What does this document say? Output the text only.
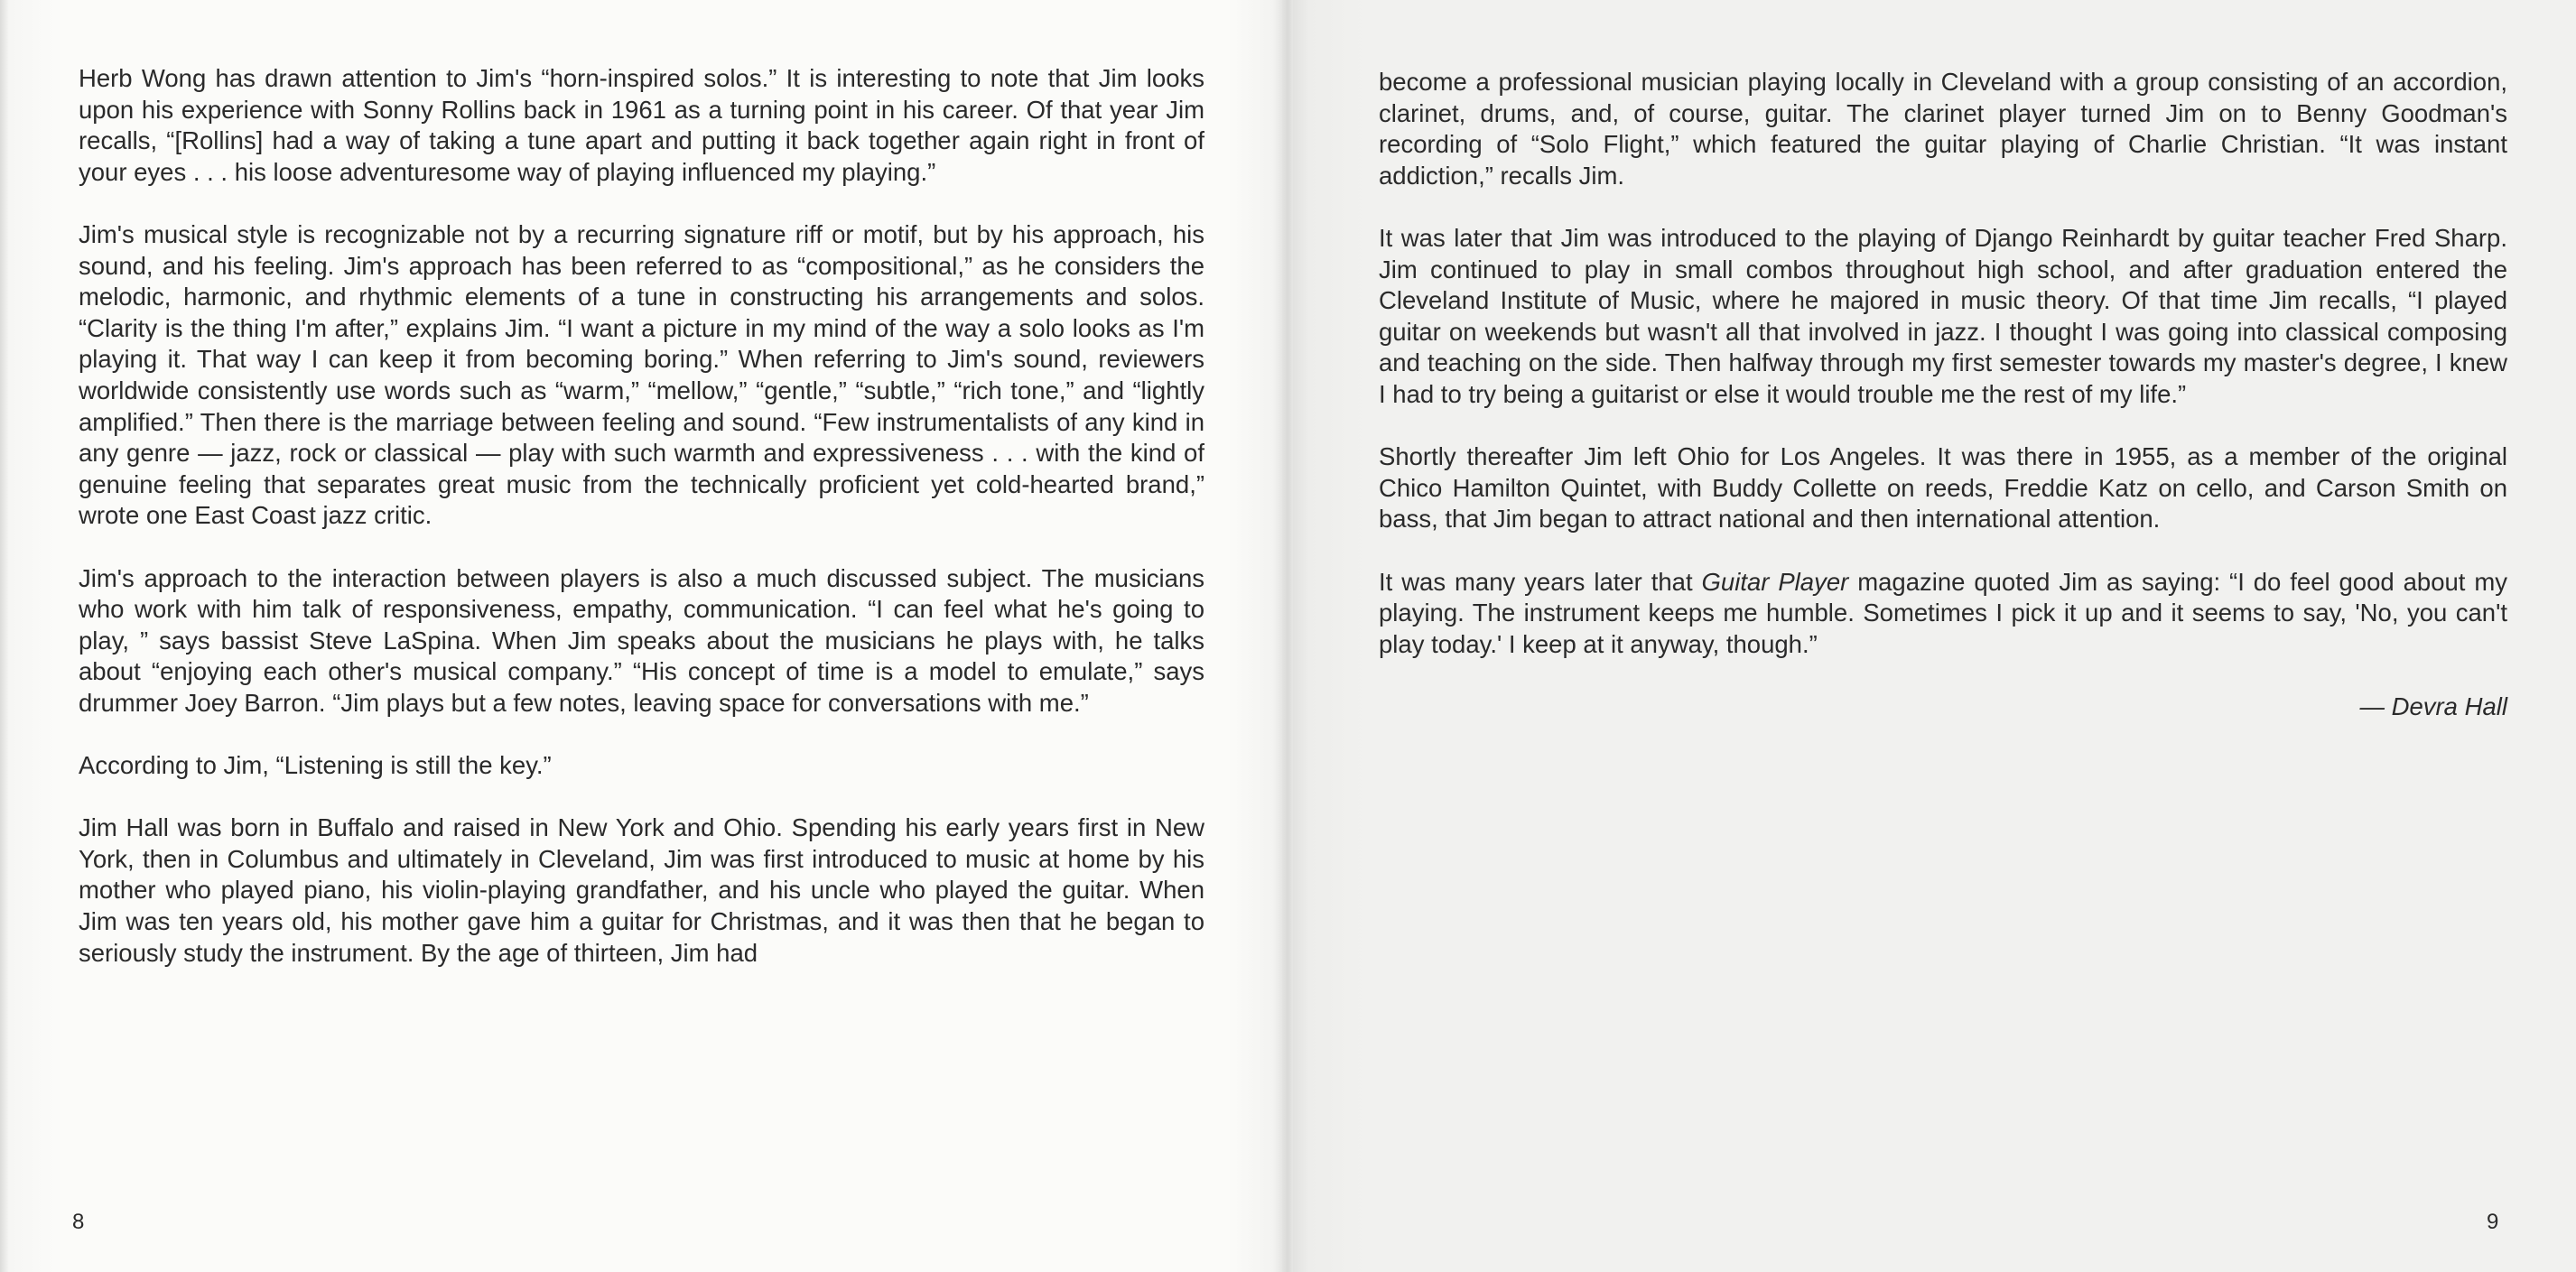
Herb Wong has drawn attention to Jim's “horn-inspired solos.” It is interesting to note that Jim looks upon his experience with Sonny Rollins back in 1961 as a turning point in his career. Of that year Jim recalls, “[Rollins] had a way of taking a tune apart and putting it back together again right in front of your eyes . . . his loose adventuresome way of playing influenced my playing.”

Jim's musical style is recognizable not by a recurring signature riff or motif, but by his approach, his sound, and his feeling. Jim's approach has been referred to as “compositional,” as he considers the melodic, harmonic, and rhythmic elements of a tune in constructing his arrangements and solos. “Clarity is the thing I'm after,” explains Jim. “I want a picture in my mind of the way a solo looks as I'm playing it. That way I can keep it from becoming boring.” When referring to Jim's sound, reviewers worldwide consistently use words such as “warm,” “mellow,” “gentle,” “subtle,” “rich tone,” and “lightly amplified.” Then there is the marriage between feeling and sound. “Few instrumentalists of any kind in any genre — jazz, rock or classical — play with such warmth and expressiveness . . . with the kind of genuine feeling that separates great music from the technically proficient yet cold-hearted brand,” wrote one East Coast jazz critic.

Jim's approach to the interaction between players is also a much discussed subject. The musicians who work with him talk of responsiveness, empathy, communication. “I can feel what he's going to play, ” says bassist Steve LaSpina. When Jim speaks about the musicians he plays with, he talks about “enjoying each other's musical company.” “His concept of time is a model to emulate,” says drummer Joey Barron. “Jim plays but a few notes, leaving space for conversations with me.”

According to Jim, “Listening is still the key.”

Jim Hall was born in Buffalo and raised in New York and Ohio. Spending his early years first in New York, then in Columbus and ultimately in Cleveland, Jim was first introduced to music at home by his mother who played piano, his violin-playing grandfather, and his uncle who played the guitar. When Jim was ten years old, his mother gave him a guitar for Christmas, and it was then that he began to seriously study the instrument. By the age of thirteen, Jim had

8

become a professional musician playing locally in Cleveland with a group consisting of an accordion, clarinet, drums, and, of course, guitar. The clarinet player turned Jim on to Benny Goodman's recording of “Solo Flight,” which featured the guitar playing of Charlie Christian. “It was instant addiction,” recalls Jim.

It was later that Jim was introduced to the playing of Django Reinhardt by guitar teacher Fred Sharp. Jim continued to play in small combos throughout high school, and after graduation entered the Cleveland Institute of Music, where he majored in music theory. Of that time Jim recalls, “I played guitar on weekends but wasn't all that involved in jazz. I thought I was going into classical composing and teaching on the side. Then halfway through my first semester towards my master's degree, I knew I had to try being a guitarist or else it would trouble me the rest of my life.”

Shortly thereafter Jim left Ohio for Los Angeles. It was there in 1955, as a member of the original Chico Hamilton Quintet, with Buddy Collette on reeds, Freddie Katz on cello, and Carson Smith on bass, that Jim began to attract national and then international attention.

It was many years later that Guitar Player magazine quoted Jim as saying: “I do feel good about my playing. The instrument keeps me humble. Sometimes I pick it up and it seems to say, 'No, you can't play today.' I keep at it anyway, though.”

— Devra Hall

9
